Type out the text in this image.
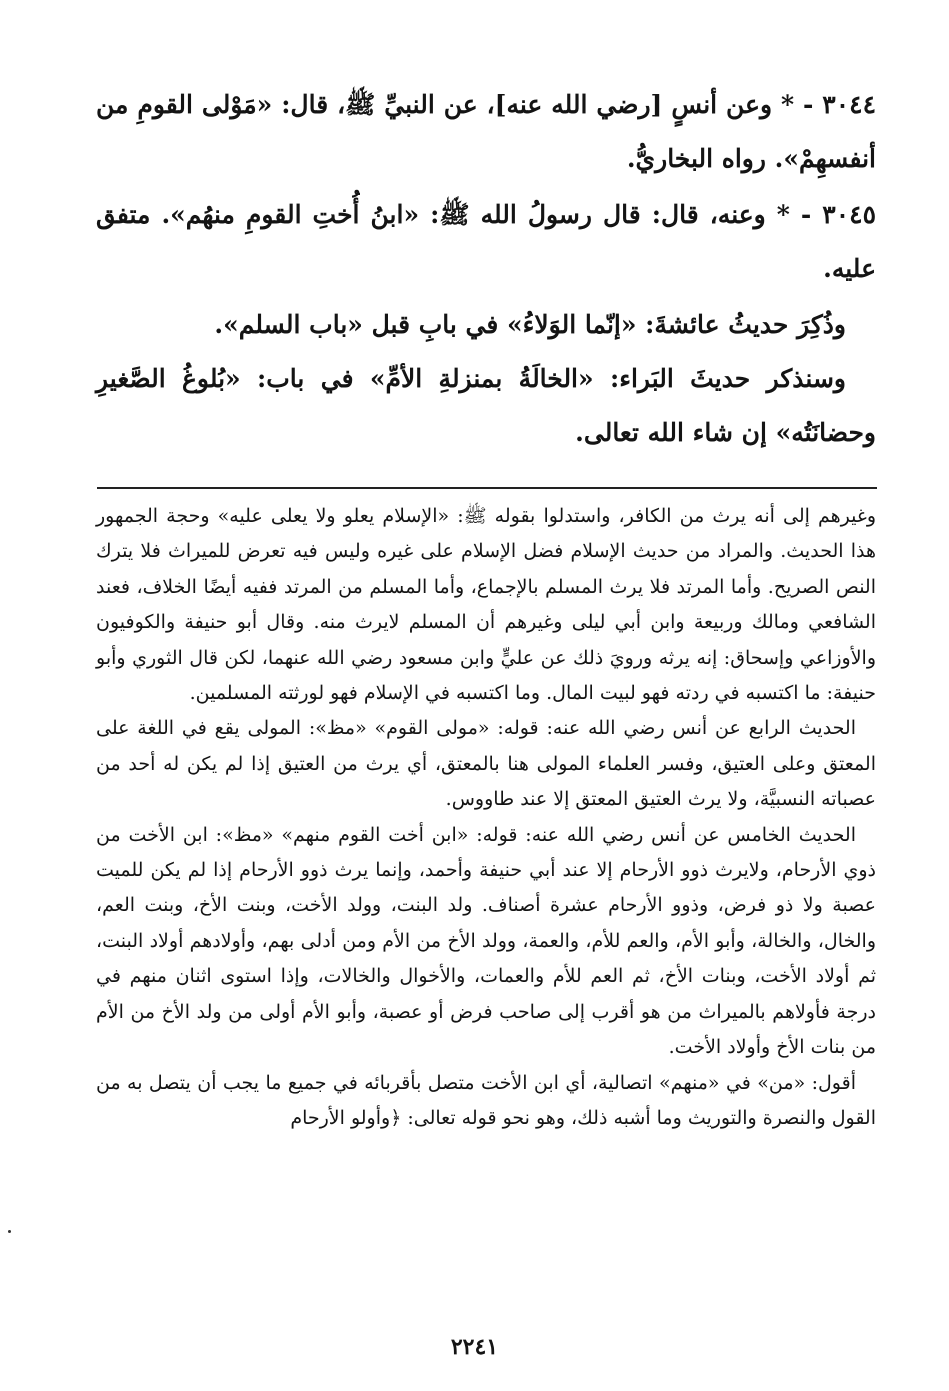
٣٠٤٤ - * وعن أنسٍ [رضي الله عنه]، عن النبيِّ ﷺ، قال: «مَوْلى القومِ من أنفسهِمْ». رواه البخاريُّ.

٣٠٤٥ - * وعنه، قال: قال رسولُ الله ﷺ: «ابنُ أُختِ القومِ منهُم». متفق عليه.

وذُكِرَ حديثُ عائشةَ: «إنّما الوَلاءُ» في بابِ قبل «باب السلم».

وسنذكر حديثَ البَراء: «الخالَةُ بمنزلةِ الأمِّ» في باب: «بُلوغُ الصَّغيرِ وحضانَتُه» إن شاء الله تعالى.

وغيرهم إلى أنه يرث من الكافر، واستدلوا بقوله ﷺ: «الإسلام يعلو ولا يعلى عليه» وحجة الجمهور هذا الحديث. والمراد من حديث الإسلام فضل الإسلام على غيره وليس فيه تعرض للميراث فلا يترك النص الصريح. وأما المرتد فلا يرث المسلم بالإجماع، وأما المسلم من المرتد ففيه أيضًا الخلاف، فعند الشافعي ومالك وربيعة وابن أبي ليلى وغيرهم أن المسلم لايرث منه. وقال أبو حنيفة والكوفيون والأوزاعي وإسحاق: إنه يرثه ورويَ ذلك عن عليٍّ وابن مسعود رضي الله عنهما، لكن قال الثوري وأبو حنيفة: ما اكتسبه في ردته فهو لبيت المال. وما اكتسبه في الإسلام فهو لورثته المسلمين.

الحديث الرابع عن أنس رضي الله عنه: قوله: «مولى القوم» «مظ»: المولى يقع في اللغة على المعتق وعلى العتيق، وفسر العلماء المولى هنا بالمعتق، أي يرث من العتيق إذا لم يكن له أحد من عصباته النسبيَّة، ولا يرث العتيق المعتق إلا عند طاووس.

الحديث الخامس عن أنس رضي الله عنه: قوله: «ابن أخت القوم منهم» «مظ»: ابن الأخت من ذوي الأرحام، ولايرث ذوو الأرحام إلا عند أبي حنيفة وأحمد، وإنما يرث ذوو الأرحام إذا لم يكن للميت عصبة ولا ذو فرض، وذوو الأرحام عشرة أصناف. ولد البنت، وولد الأخت، وبنت الأخ، وبنت العم، والخال، والخالة، وأبو الأم، والعم للأم، والعمة، وولد الأخ من الأم ومن أدلى بهم، وأولادهم أولاد البنت، ثم أولاد الأخت، وبنات الأخ، ثم العم للأم والعمات، والأخوال والخالات، وإذا استوى اثنان منهم في درجة فأولاهم بالميراث من هو أقرب إلى صاحب فرض أو عصبة، وأبو الأم أولى من ولد الأخ من الأم من بنات الأخ وأولاد الأخت.

أقول: «من» في «منهم» اتصالية، أي ابن الأخت متصل بأقربائه في جميع ما يجب أن يتصل به من القول والنصرة والتوريث وما أشبه ذلك، وهو نحو قوله تعالى: ﴿وأولو الأرحام

٢٢٤١
